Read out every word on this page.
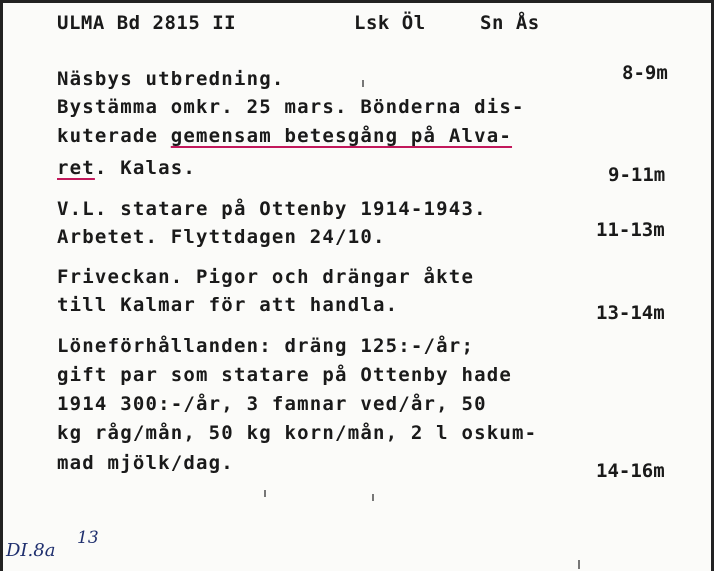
ULMA Bd 2815 II	Lsk Öl	Sn Ås
Näsbys utbredning.	8-9m
Bystämma omkr. 25 mars. Bönderna dis-
kuterade gemensam betesgång på Alva-
ret. Kalas.	9-11m
V.L. statare på Ottenby 1914-1943.
Arbetet. Flyttdagen 24/10.	11-13m
Friveckan. Pigor och drängar åkte
till Kalmar för att handla.	13-14m
Löneförhållanden: dräng 125:-/år;
gift par som statare på Ottenby hade
1914 300:-/år, 3 famnar ved/år, 50
kg råg/mån, 50 kg korn/mån, 2 l oskum-
mad mjölk/dag.	14-16m
DI.8a
13
